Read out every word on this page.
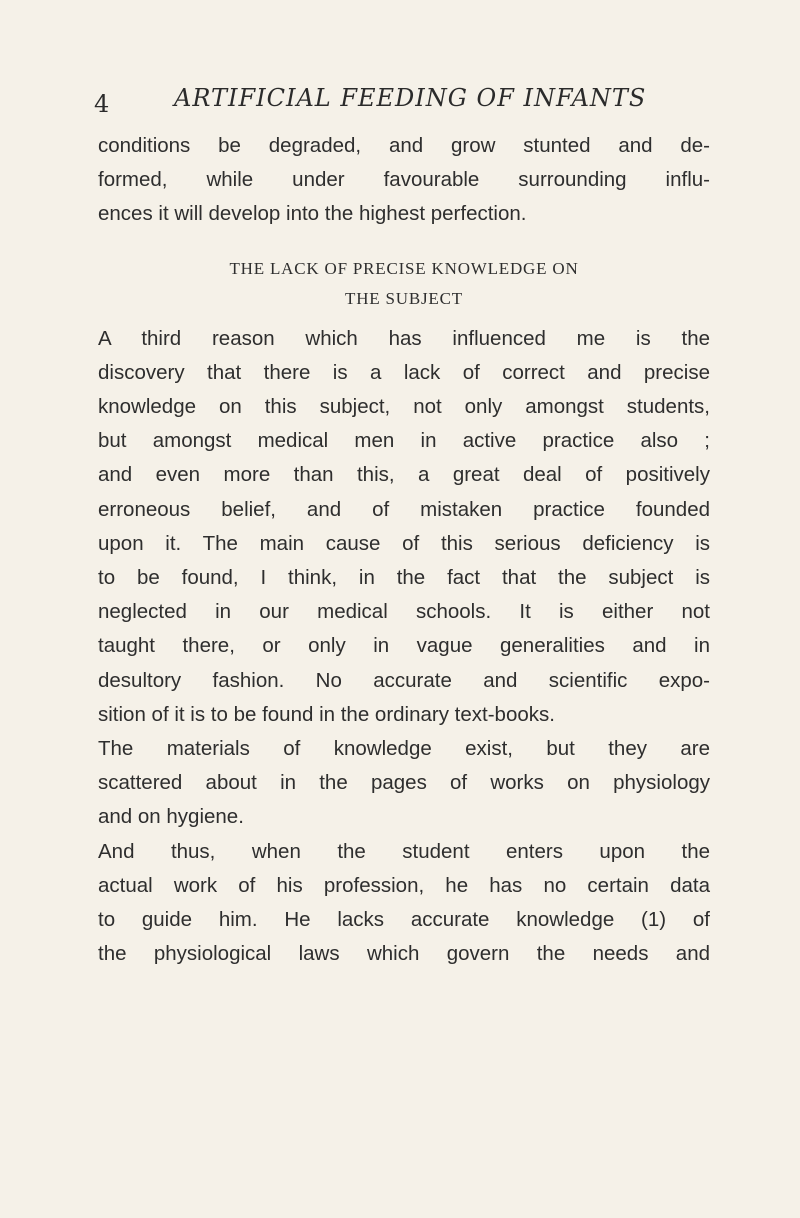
4	ARTIFICIAL FEEDING OF INFANTS
conditions be degraded, and grow stunted and de-
formed, while under favourable surrounding influ-
ences it will develop into the highest perfection.
THE LACK OF PRECISE KNOWLEDGE ON
THE SUBJECT
A third reason which has influenced me is the
discovery that there is a lack of correct and precise
knowledge on this subject, not only amongst students,
but amongst medical men in active practice also ;
and even more than this, a great deal of positively
erroneous belief, and of mistaken practice founded
upon it. The main cause of this serious deficiency is
to be found, I think, in the fact that the subject is
neglected in our medical schools. It is either not
taught there, or only in vague generalities and in
desultory fashion. No accurate and scientific expo-
sition of it is to be found in the ordinary text-books.
The materials of knowledge exist, but they are
scattered about in the pages of works on physiology
and on hygiene.
And thus, when the student enters upon the
actual work of his profession, he has no certain data
to guide him. He lacks accurate knowledge (1) of
the physiological laws which govern the needs and
